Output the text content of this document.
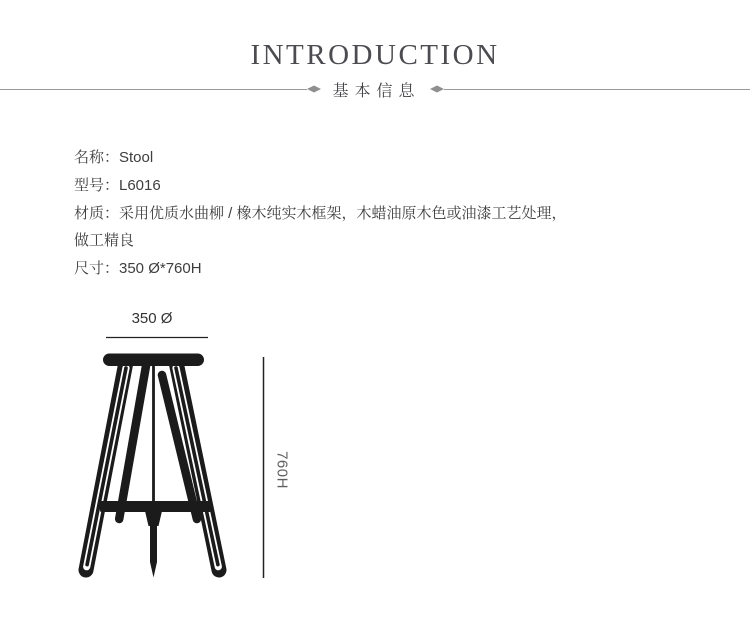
INTRODUCTION
基本信息
名称：Stool
型号：L6016
材质：采用优质水曲柳 / 橡木纯实木框架，木蜡油原木色或油漆工艺处理，
做工精良
尺寸：350 Ø*760H
350 Ø
760H
